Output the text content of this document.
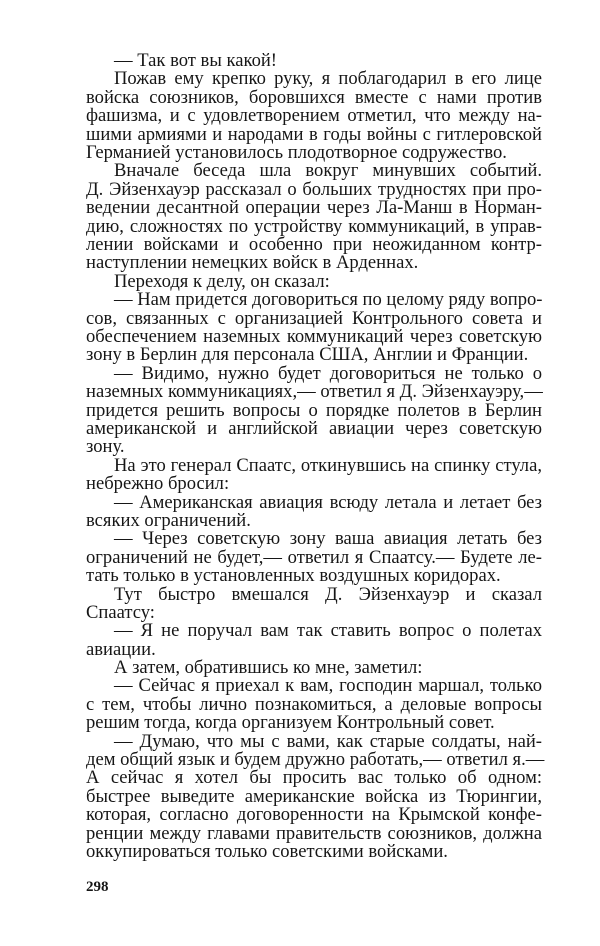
— Так вот вы какой!
Пожав ему крепко руку, я поблагодарил в его лице
войска союзников, боровшихся вместе с нами против
фашизма, и с удовлетворением отметил, что между на-
шими армиями и народами в годы войны с гитлеровской
Германией установилось плодотворное содружество.
Вначале беседа шла вокруг минувших событий.
Д. Эйзенхауэр рассказал о больших трудностях при про-
ведении десантной операции через Ла-Манш в Норман-
дию, сложностях по устройству коммуникаций, в управ-
лении войсками и особенно при неожиданном контр-
наступлении немецких войск в Арденнах.
Переходя к делу, он сказал:
— Нам придется договориться по целому ряду вопро-
сов, связанных с организацией Контрольного совета и
обеспечением наземных коммуникаций через советскую
зону в Берлин для персонала США, Англии и Франции.
— Видимо, нужно будет договориться не только о
наземных коммуникациях,— ответил я Д. Эйзенхауэру,—
придется решить вопросы о порядке полетов в Берлин
американской и английской авиации через советскую
зону.
На это генерал Спаатс, откинувшись на спинку стула,
небрежно бросил:
— Американская авиация всюду летала и летает без
всяких ограничений.
— Через советскую зону ваша авиация летать без
ограничений не будет,— ответил я Спаатсу.— Будете ле-
тать только в установленных воздушных коридорах.
Тут быстро вмешался Д. Эйзенхауэр и сказал
Спаатсу:
— Я не поручал вам так ставить вопрос о полетах
авиации.
А затем, обратившись ко мне, заметил:
— Сейчас я приехал к вам, господин маршал, только
с тем, чтобы лично познакомиться, а деловые вопросы
решим тогда, когда организуем Контрольный совет.
— Думаю, что мы с вами, как старые солдаты, най-
дем общий язык и будем дружно работать,— ответил я.—
А сейчас я хотел бы просить вас только об одном:
быстрее выведите американские войска из Тюрингии,
которая, согласно договоренности на Крымской конфе-
ренции между главами правительств союзников, должна
оккупироваться только советскими войсками.
298
